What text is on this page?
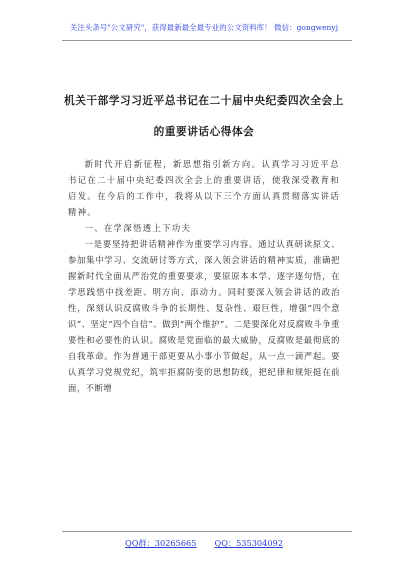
关注头条号"公文研究"，获得最新最全最专业的公文资料库！ 微信：gongwenyj
机关干部学习习近平总书记在二十届中央纪委四次全会上
的重要讲话心得体会

新时代开启新征程，新思想指引新方向。认真学习习近平总书记在二十届中央纪委四次全会上的重要讲话，使我深受教育和启发。在今后的工作中，我将从以下三个方面认真贯彻落实讲话精神。

一、在学深悟透上下功夫

一是要坚持把讲话精神作为重要学习内容。通过认真研读原文、参加集中学习、交流研讨等方式，深入领会讲话的精神实质，准确把握新时代全面从严治党的重要要求，要原原本本学、逐字逐句悟，在学思践悟中找差距、明方向、添动力。同时要深入领会讲话的政治性，深刻认识反腐败斗争的长期性、复杂性、艰巨性，增强“四个意识”、坚定“四个自信”、做到“两个维护”。二是要深化对反腐败斗争重要性和必要性的认识。腐败是党面临的最大威胁，反腐败是最彻底的自我革命。作为普通干部更要从小事小节做起，从一点一滴严起。要认真学习党规党纪，筑牢拒腐防变的思想防线，把纪律和规矩挺在前面，不断增

QQ群：30265665 QQ：535304092
